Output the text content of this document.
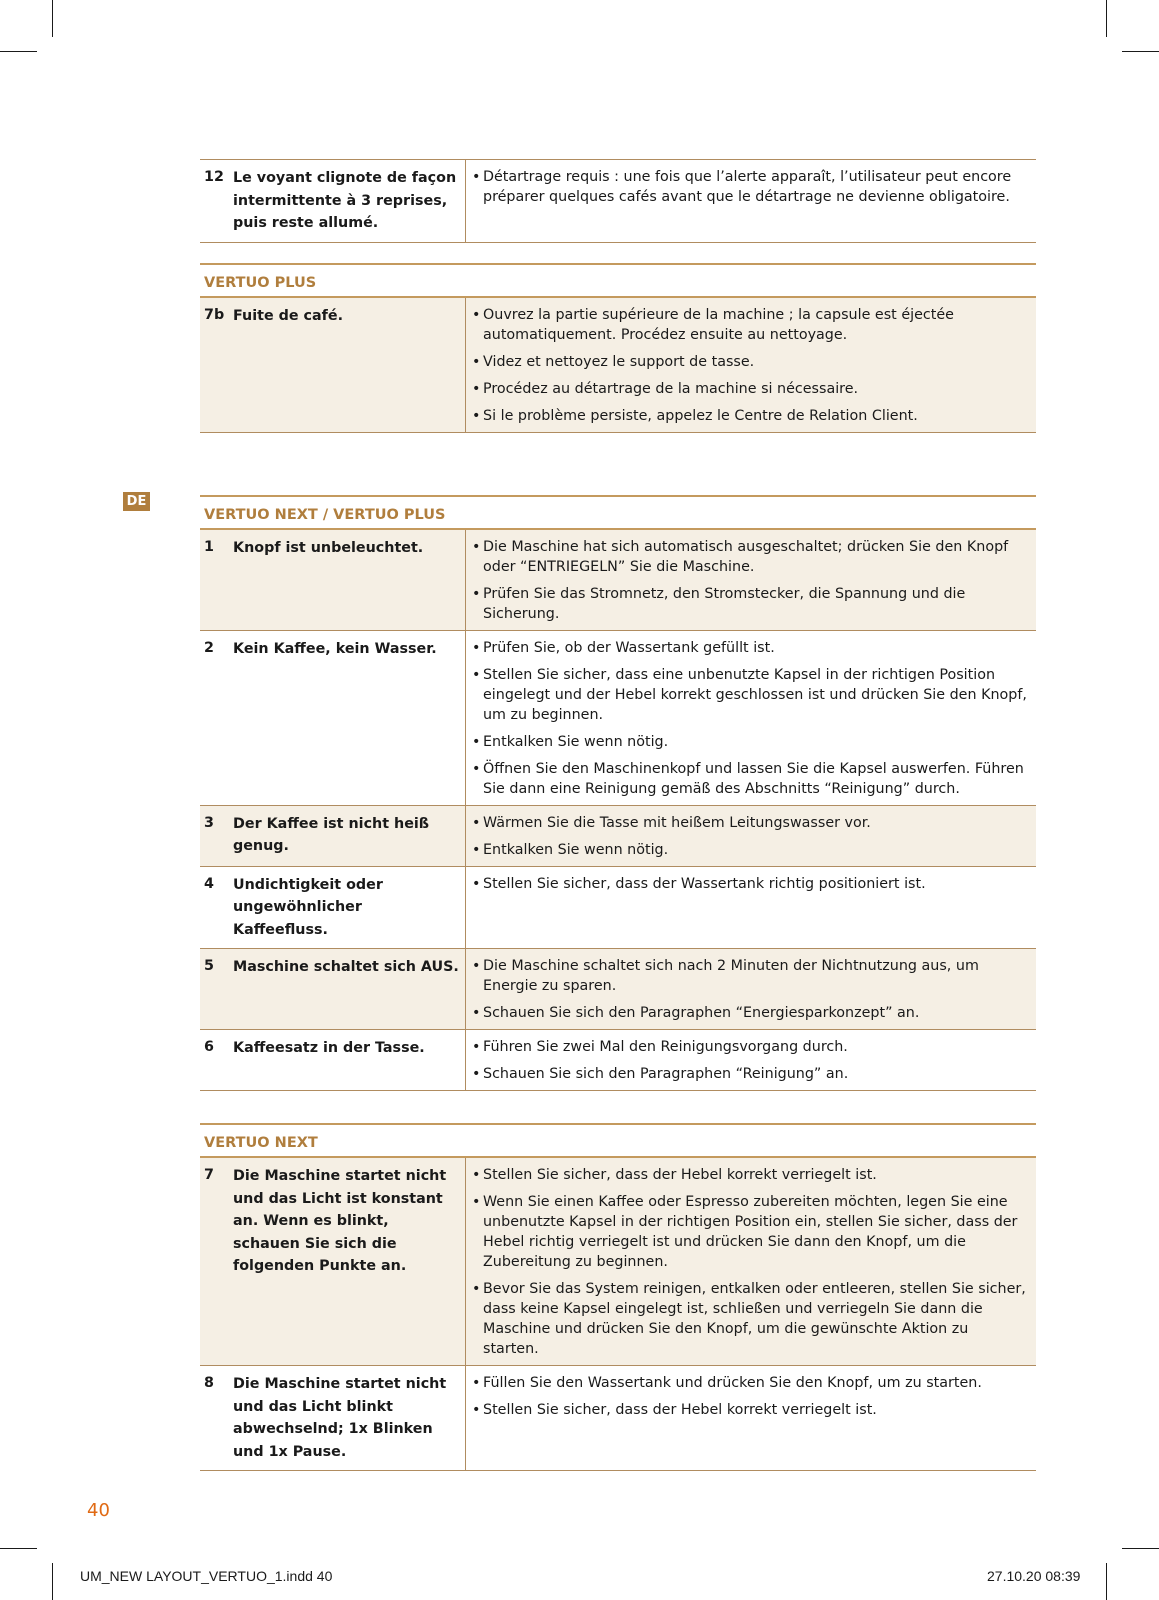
DE
12 Le voyant clignote de façon intermittente à 3 reprises, puis reste allumé.
• Détartrage requis : une fois que l’alerte apparaît, l’utilisateur peut encore préparer quelques cafés avant que le détartrage ne devienne obligatoire.
VERTUO PLUS
7b Fuite de café.	• Ouvrez la partie supérieure de la machine ; la capsule est éjectée automatiquement. Procédez ensuite au nettoyage.
• Videz et nettoyez le support de tasse.
• Procédez au détartrage de la machine si nécessaire.
• Si le problème persiste, appelez le Centre de Relation Client.
VERTUO NEXT / VERTUO PLUS
1	Knopf ist unbeleuchtet.	• Die Maschine hat sich automatisch ausgeschaltet; drücken Sie den Knopf oder “ENTRIEGELN” Sie die Maschine.
• Prüfen Sie das Stromnetz, den Stromstecker, die Spannung und die Sicherung.
2	Kein Kaffee, kein Wasser. • Prüfen Sie, ob der Wassertank gefüllt ist.
• Stellen Sie sicher, dass eine unbenutzte Kapsel in der richtigen Position eingelegt und der Hebel korrekt geschlossen ist und drücken Sie den Knopf, um zu beginnen.
• Entkalken Sie wenn nötig.
• Öffnen Sie den Maschinenkopf und lassen Sie die Kapsel auswerfen. Führen Sie dann eine Reinigung gemäß des Abschnitts “Reinigung” durch.
3	Der Kaffee ist nicht heiß genug.
• Wärmen Sie die Tasse mit heißem Leitungswasser vor.
• Entkalken Sie wenn nötig.
4	Undichtigkeit oder ungewöhnlicher Kaffeefluss.
• Stellen Sie sicher, dass der Wassertank richtig positioniert ist.
5	Maschine schaltet sich AUS. • Die Maschine schaltet sich nach 2 Minuten der Nichtnutzung aus, um Energie zu sparen.
• Schauen Sie sich den Paragraphen “Energiesparkonzept” an.
6	Kaffeesatz in der Tasse.	• Führen Sie zwei Mal den Reinigungsvorgang durch.
• Schauen Sie sich den Paragraphen “Reinigung” an.
VERTUO NEXT
7	Die Maschine startet nicht und das Licht ist konstant an. Wenn es blinkt, schauen Sie sich die folgenden Punkte an.
• Stellen Sie sicher, dass der Hebel korrekt verriegelt ist.
• Wenn Sie einen Kaffee oder Espresso zubereiten möchten, legen Sie eine unbenutzte Kapsel in der richtigen Position ein, stellen Sie sicher, dass der Hebel richtig verriegelt ist und drücken Sie dann den Knopf, um die Zubereitung zu beginnen.
• Bevor Sie das System reinigen, entkalken oder entleeren, stellen Sie sicher, dass keine Kapsel eingelegt ist, schließen und verriegeln Sie dann die Maschine und drücken Sie den Knopf, um die gewünschte Aktion zu starten.
8	Die Maschine startet nicht und das Licht blinkt abwechselnd; 1x Blinken und 1x Pause.
• Füllen Sie den Wassertank und drücken Sie den Knopf, um zu starten.
• Stellen Sie sicher, dass der Hebel korrekt verriegelt ist.
40
UM_NEW LAYOUT_VERTUO_1.indd 40	27.10.20 08:39
